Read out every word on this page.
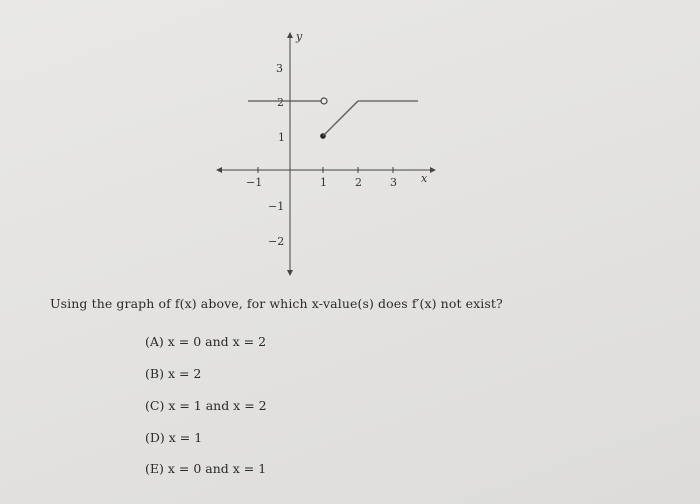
y
x
−1	1	2	3
3
2
1
−1
−2
Using the graph of f(x) above, for which x-value(s) does f′(x) not exist?
(A) x = 0 and x = 2
(B) x = 2
(C) x = 1 and x = 2
(D) x = 1
(E) x = 0 and x = 1
